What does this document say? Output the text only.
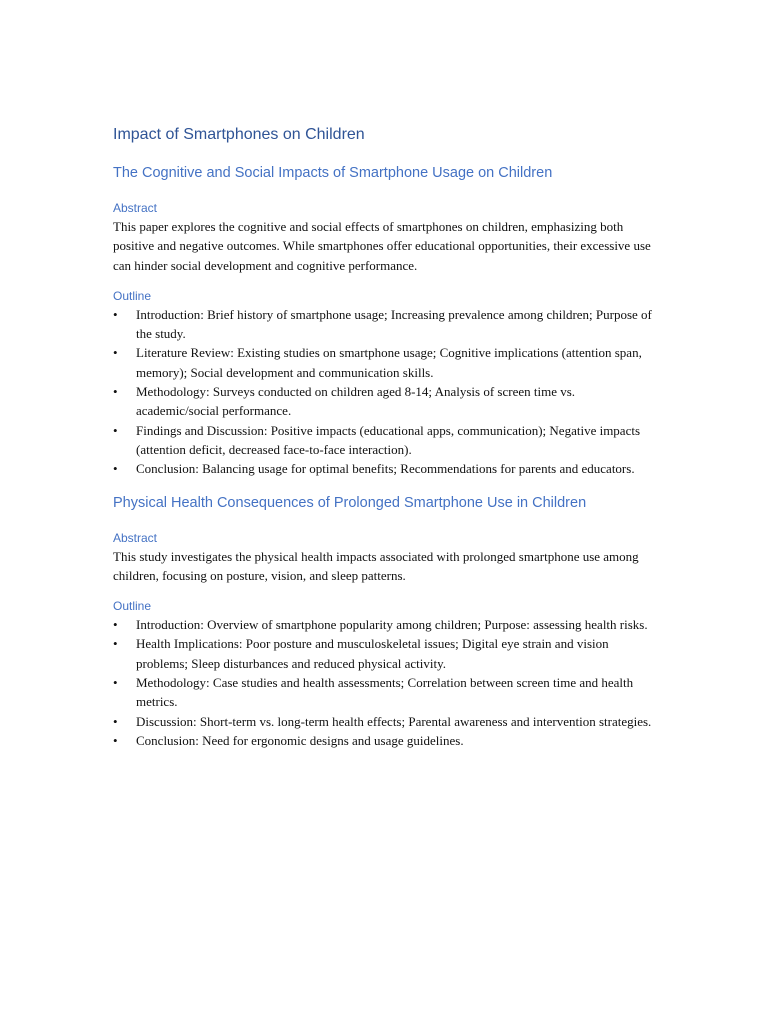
Impact of Smartphones on Children
The Cognitive and Social Impacts of Smartphone Usage on Children
Abstract

This paper explores the cognitive and social effects of smartphones on children, emphasizing both positive and negative outcomes. While smartphones offer educational opportunities, their excessive use can hinder social development and cognitive performance.

Outline
• Introduction: Brief history of smartphone usage; Increasing prevalence among children; Purpose of the study.
• Literature Review: Existing studies on smartphone usage; Cognitive implications (attention span, memory); Social development and communication skills.
• Methodology: Surveys conducted on children aged 8-14; Analysis of screen time vs. academic/social performance.
• Findings and Discussion: Positive impacts (educational apps, communication); Negative impacts (attention deficit, decreased face-to-face interaction).
• Conclusion: Balancing usage for optimal benefits; Recommendations for parents and educators.
Physical Health Consequences of Prolonged Smartphone Use in Children
Abstract

This study investigates the physical health impacts associated with prolonged smartphone use among children, focusing on posture, vision, and sleep patterns.

Outline
• Introduction: Overview of smartphone popularity among children; Purpose: assessing health risks.
• Health Implications: Poor posture and musculoskeletal issues; Digital eye strain and vision problems; Sleep disturbances and reduced physical activity.
• Methodology: Case studies and health assessments; Correlation between screen time and health metrics.
• Discussion: Short-term vs. long-term health effects; Parental awareness and intervention strategies.
• Conclusion: Need for ergonomic designs and usage guidelines.
